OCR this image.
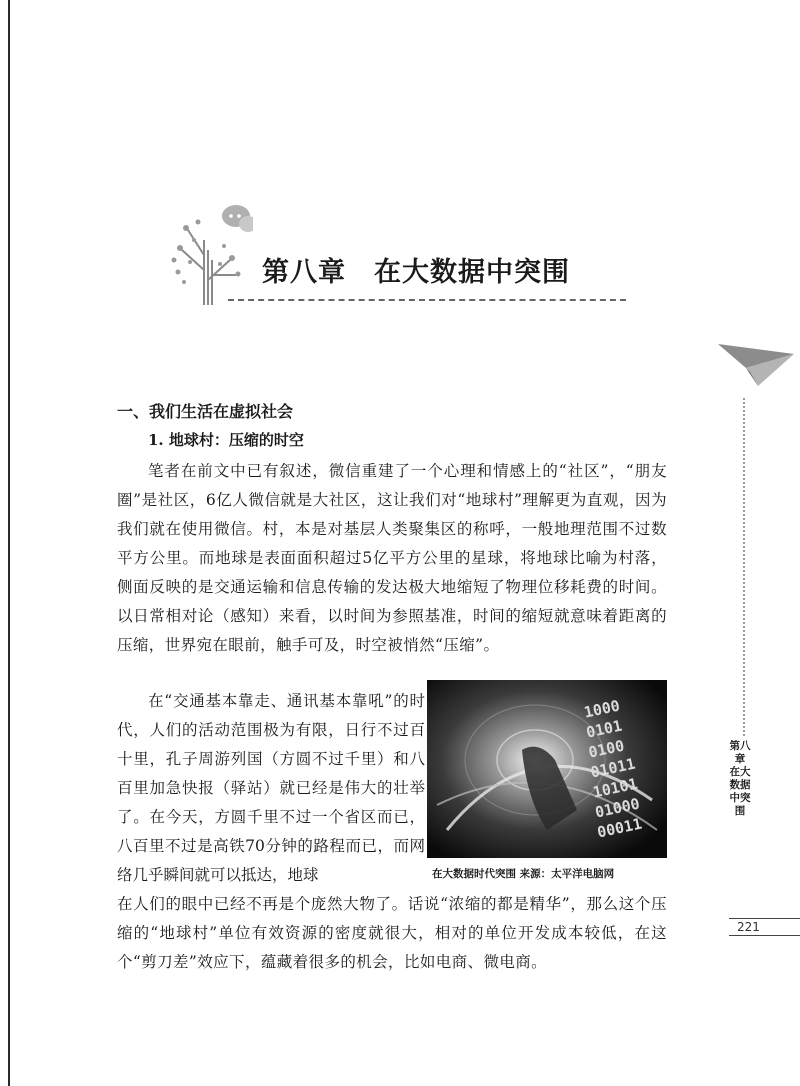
第八章　在大数据中突围
第八章 在大数据中突围
221
一、我们生活在虚拟社会
1. 地球村：压缩的时空
笔者在前文中已有叙述，微信重建了一个心理和情感上的“社区”，“朋友圈”是社区，6亿人微信就是大社区，这让我们对“地球村”理解更为直观，因为我们就在使用微信。村，本是对基层人类聚集区的称呼，一般地理范围不过数平方公里。而地球是表面面积超过5亿平方公里的星球，将地球比喻为村落，侧面反映的是交通运输和信息传输的发达极大地缩短了物理位移耗费的时间。以日常相对论（感知）来看，以时间为参照基准，时间的缩短就意味着距离的压缩，世界宛在眼前，触手可及，时空被悄然“压缩”。
在“交通基本靠走、通讯基本靠吼”的时代，人们的活动范围极为有限，日行不过百十里，孔子周游列国（方圆不过千里）和八百里加急快报（驿站）就已经是伟大的壮举了。在今天，方圆千里不过一个省区而已，八百里不过是高铁70分钟的路程而已，而网络几乎瞬间就可以抵达，地球
在人们的眼中已经不再是个庞然大物了。话说“浓缩的都是精华”，那么这个压缩的“地球村”单位有效资源的密度就很大，相对的单位开发成本较低，在这个“剪刀差”效应下，蕴藏着很多的机会，比如电商、微电商。
1000
0101
0100
01011
10101
01000
00011
在大数据时代突围 来源：太平洋电脑网
